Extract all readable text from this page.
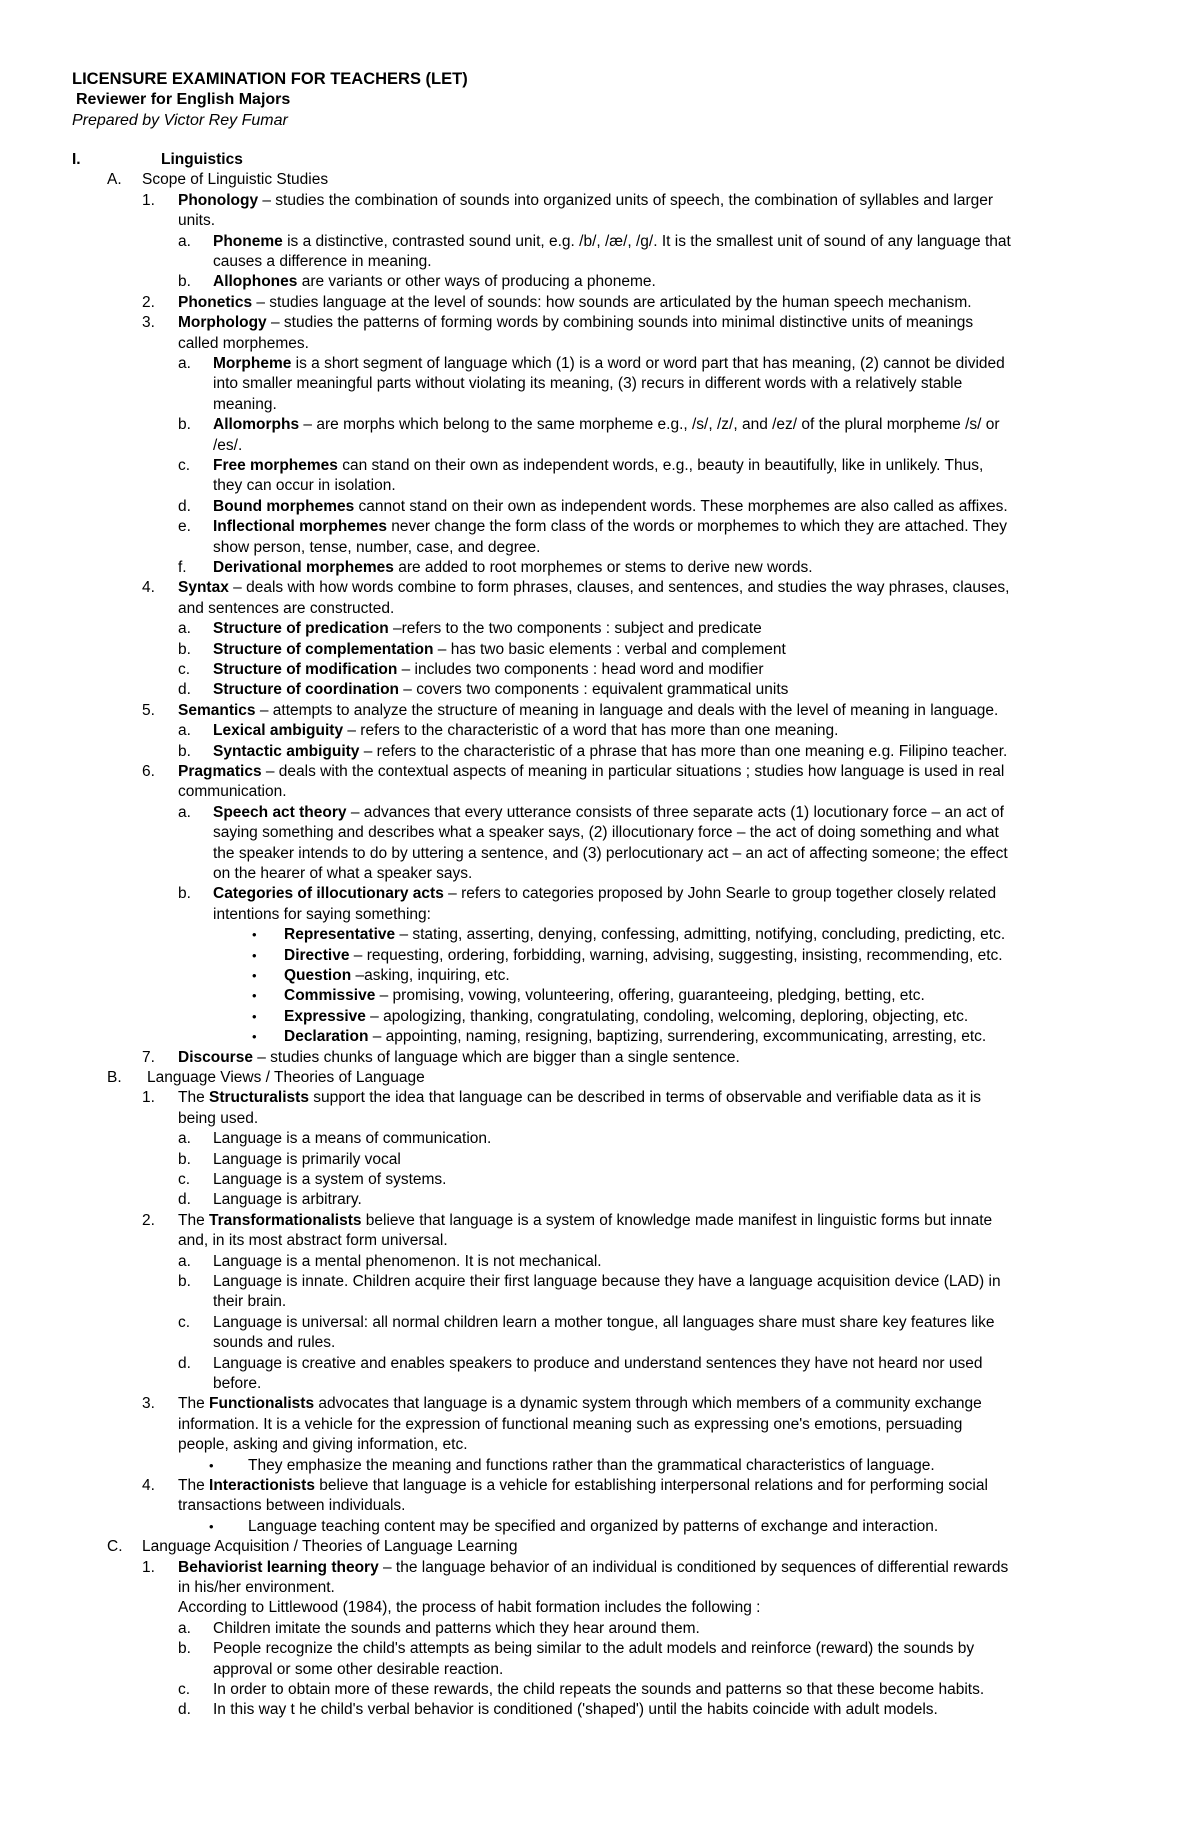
LICENSURE EXAMINATION FOR TEACHERS (LET)
Reviewer for English Majors
Prepared by Victor Rey Fumar
I.	Linguistics
A. Scope of Linguistic Studies
1. Phonology – studies the combination of sounds into organized units of speech, the combination of syllables and larger
units.
a. Phoneme is a distinctive, contrasted sound unit, e.g. /b/, /æ/, /g/. It is the smallest unit of sound of any language that
causes a difference in meaning.
b. Allophones are variants or other ways of producing a phoneme.
2. Phonetics – studies language at the level of sounds: how sounds are articulated by the human speech mechanism.
3. Morphology – studies the patterns of forming words by combining sounds into minimal distinctive units of meanings
called morphemes.
a. Morpheme is a short segment of language which (1) is a word or word part that has meaning, (2) cannot be divided
into smaller meaningful parts without violating its meaning, (3) recurs in different words with a relatively stable
meaning.
b. Allomorphs – are morphs which belong to the same morpheme e.g., /s/, /z/, and /ez/ of the plural morpheme /s/ or
/es/.
c. Free morphemes can stand on their own as independent words, e.g., beauty in beautifully, like in unlikely. Thus,
they can occur in isolation.
d. Bound morphemes cannot stand on their own as independent words. These morphemes are also called as affixes.
e. Inflectional morphemes never change the form class of the words or morphemes to which they are attached. They
show person, tense, number, case, and degree.
f. Derivational morphemes are added to root morphemes or stems to derive new words.
4. Syntax – deals with how words combine to form phrases, clauses, and sentences, and studies the way phrases, clauses,
and sentences are constructed.
a. Structure of predication –refers to the two components : subject and predicate
b. Structure of complementation – has two basic elements : verbal and complement
c. Structure of modification – includes two components : head word and modifier
d. Structure of coordination – covers two components : equivalent grammatical units
5. Semantics – attempts to analyze the structure of meaning in language and deals with the level of meaning in language.
a. Lexical ambiguity – refers to the characteristic of a word that has more than one meaning.
b. Syntactic ambiguity – refers to the characteristic of a phrase that has more than one meaning e.g. Filipino teacher.
6. Pragmatics – deals with the contextual aspects of meaning in particular situations ; studies how language is used in real
communication.
a. Speech act theory – advances that every utterance consists of three separate acts (1) locutionary force – an act of
saying something and describes what a speaker says, (2) illocutionary force – the act of doing something and what
the speaker intends to do by uttering a sentence, and (3) perlocutionary act – an act of affecting someone; the effect
on the hearer of what a speaker says.
b. Categories of illocutionary acts – refers to categories proposed by John Searle to group together closely related
intentions for saying something:
• Representative – stating, asserting, denying, confessing, admitting, notifying, concluding, predicting, etc.
• Directive – requesting, ordering, forbidding, warning, advising, suggesting, insisting, recommending, etc.
• Question –asking, inquiring, etc.
• Commissive – promising, vowing, volunteering, offering, guaranteeing, pledging, betting, etc.
• Expressive – apologizing, thanking, congratulating, condoling, welcoming, deploring, objecting, etc.
• Declaration – appointing, naming, resigning, baptizing, surrendering, excommunicating, arresting, etc.
7. Discourse – studies chunks of language which are bigger than a single sentence.
B. Language Views / Theories of Language
1. The Structuralists support the idea that language can be described in terms of observable and verifiable data as it is
being used.
a. Language is a means of communication.
b. Language is primarily vocal
c. Language is a system of systems.
d. Language is arbitrary.
2. The Transformationalists believe that language is a system of knowledge made manifest in linguistic forms but innate
and, in its most abstract form universal.
a. Language is a mental phenomenon. It is not mechanical.
b. Language is innate. Children acquire their first language because they have a language acquisition device (LAD) in
their brain.
c. Language is universal: all normal children learn a mother tongue, all languages share must share key features like
sounds and rules.
d. Language is creative and enables speakers to produce and understand sentences they have not heard nor used
before.
3. The Functionalists advocates that language is a dynamic system through which members of a community exchange
information. It is a vehicle for the expression of functional meaning such as expressing one's emotions, persuading
people, asking and giving information, etc.
• They emphasize the meaning and functions rather than the grammatical characteristics of language.
4. The Interactionists believe that language is a vehicle for establishing interpersonal relations and for performing social
transactions between individuals.
• Language teaching content may be specified and organized by patterns of exchange and interaction.
C. Language Acquisition / Theories of Language Learning
1. Behaviorist learning theory – the language behavior of an individual is conditioned by sequences of differential rewards
in his/her environment.
According to Littlewood (1984), the process of habit formation includes the following :
a. Children imitate the sounds and patterns which they hear around them.
b. People recognize the child's attempts as being similar to the adult models and reinforce (reward) the sounds by
approval or some other desirable reaction.
c. In order to obtain more of these rewards, the child repeats the sounds and patterns so that these become habits.
d. In this way t he child's verbal behavior is conditioned ('shaped') until the habits coincide with adult models.
